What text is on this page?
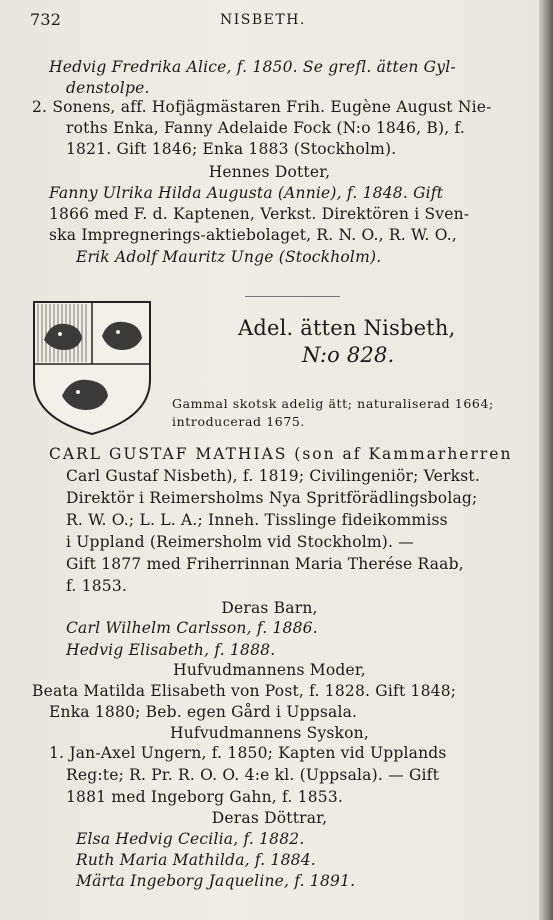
732	NISBETH.
Hedvig Fredrika Alice, f. 1850. Se grefl. ätten Gyl-
denstolpe.
2. Sonens, aff. Hofjägmästaren Frih. Eugène August Nie-
roths Enka, Fanny Adelaide Fock (N:o 1846, B), f.
1821. Gift 1846; Enka 1883 (Stockholm).
Hennes Dotter,
Fanny Ulrika Hilda Augusta (Annie), f. 1848. Gift
1866 med F. d. Kaptenen, Verkst. Direktören i Sven-
ska Impregnerings-aktiebolaget, R. N. O., R. W. O.,
Erik Adolf Mauritz Unge (Stockholm).
Adel. ätten Nisbeth,
N:o 828.
Gammal skotsk adelig ätt; naturaliserad 1664;
introducerad 1675.
CARL GUSTAF MATHIAS (son af Kammarherren
Carl Gustaf Nisbeth), f. 1819; Civilingeniör; Verkst.
Direktör i Reimersholms Nya Spritförädlingsbolag;
R. W. O.; L. L. A.; Inneh. Tisslinge fideikommiss
i Uppland (Reimersholm vid Stockholm). —
Gift 1877 med Friherrinnan Maria Therése Raab,
f. 1853.
Deras Barn,
Carl Wilhelm Carlsson, f. 1886.
Hedvig Elisabeth, f. 1888.
Hufvudmannens Moder,
Beata Matilda Elisabeth von Post, f. 1828. Gift 1848;
Enka 1880; Beb. egen Gård i Uppsala.
Hufvudmannens Syskon,
1. Jan-Axel Ungern, f. 1850; Kapten vid Upplands
Reg:te; R. Pr. R. O. O. 4:e kl. (Uppsala). — Gift
1881 med Ingeborg Gahn, f. 1853.
Deras Döttrar,
Elsa Hedvig Cecilia, f. 1882.
Ruth Maria Mathilda, f. 1884.
Märta Ingeborg Jaqueline, f. 1891.
